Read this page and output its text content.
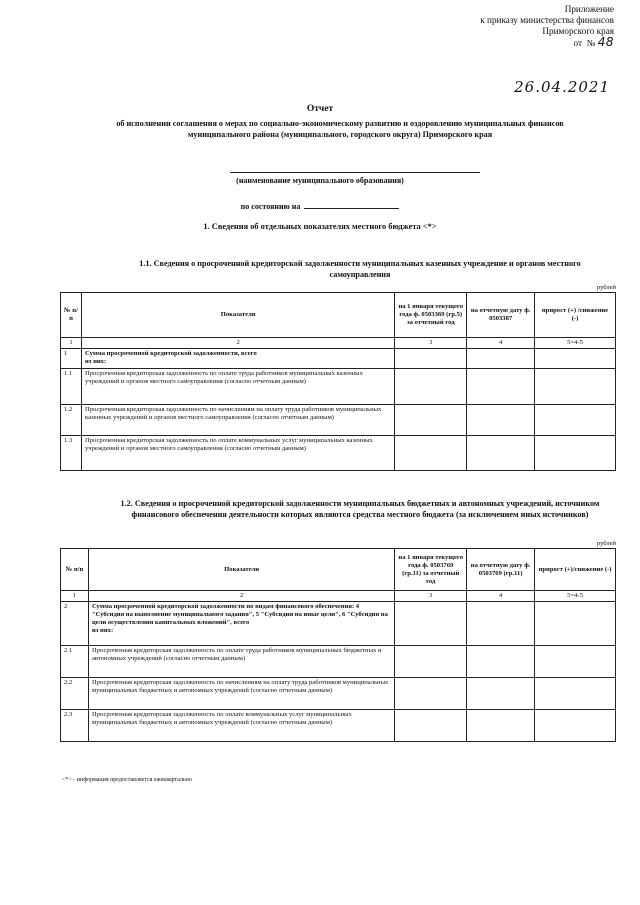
Приложение
к приказу министерства финансов
Приморского края
от № 48
26.04.2021
Отчет
об исполнении соглашения о мерах по социально-экономическому развитию и оздоровлению муниципальных финансов муниципального района (муниципального, городского округа) Приморского края
(наименование муниципального образования)
по состоянию на
1. Сведения об отдельных показателях местного бюджета <*>
1.1. Сведения о просроченной кредиторской задолженности муниципальных казенных учреждение и органов местного самоуправления
рублей
№ п/п	Показатели	на 1 января текущего года ф. 0503369 (гр.5) за отчетный год	на отчетную дату ф. 0503387	прирост (+) /снижение (-)
1	2	3	4	5=4-5
1	Сумма просроченной кредиторской задолженности, всего
из них:			
1.1	Просроченная кредиторская задолженность по оплате труда работников муниципальных казенных учреждений и органов местного самоуправления (согласно отчетным данным)			
1.2	Просроченная кредиторская задолженность по начислениям на оплату труда работников муниципальных казенных учреждений и органов местного самоуправления (согласно отчетным данным)			
1.3	Просроченная кредиторская задолженность по оплате коммунальных услуг муниципальных казенных учреждений и органов местного самоуправления (согласно отчетным данным)			
1.2. Сведения о просроченной кредиторской задолженности муниципальных бюджетных и автономных учреждений, источником финансового обеспечения деятельности которых являются средства местного бюджета (за исключением иных источников)
рублей
№ п/п	Показатели	на 1 января текущего года ф. 0503769 (гр.11) за отчетный год	на отчетную дату ф. 0503769 (гр.11)	прирост (+)/снижение (-)
1	2	3	4	5=4-5
2	Сумма просроченной кредиторской задолженности по видам финансового обеспечения: 4 "Субсидия на выполнение муниципального задания", 5 "Субсидии на иные цели", 6 "Субсидия на цели осуществления капитальных вложений", всего
из них:			
2.1	Просроченная кредиторская задолженность по оплате труда работников муниципальных бюджетных и автономных учреждений (согласно отчетным данным)			
2.2	Просроченная кредиторская задолженность по начислениям на оплату труда работников муниципальных муниципальных бюджетных и автономных учреждений (согласно отчетным данным)			
2.3	Просроченная кредиторская задолженность по оплате коммунальных услуг муниципальных муниципальных бюджетных и автономных учреждений (согласно отчетным данным)			
<*> - информация предоставляется ежеквартально
